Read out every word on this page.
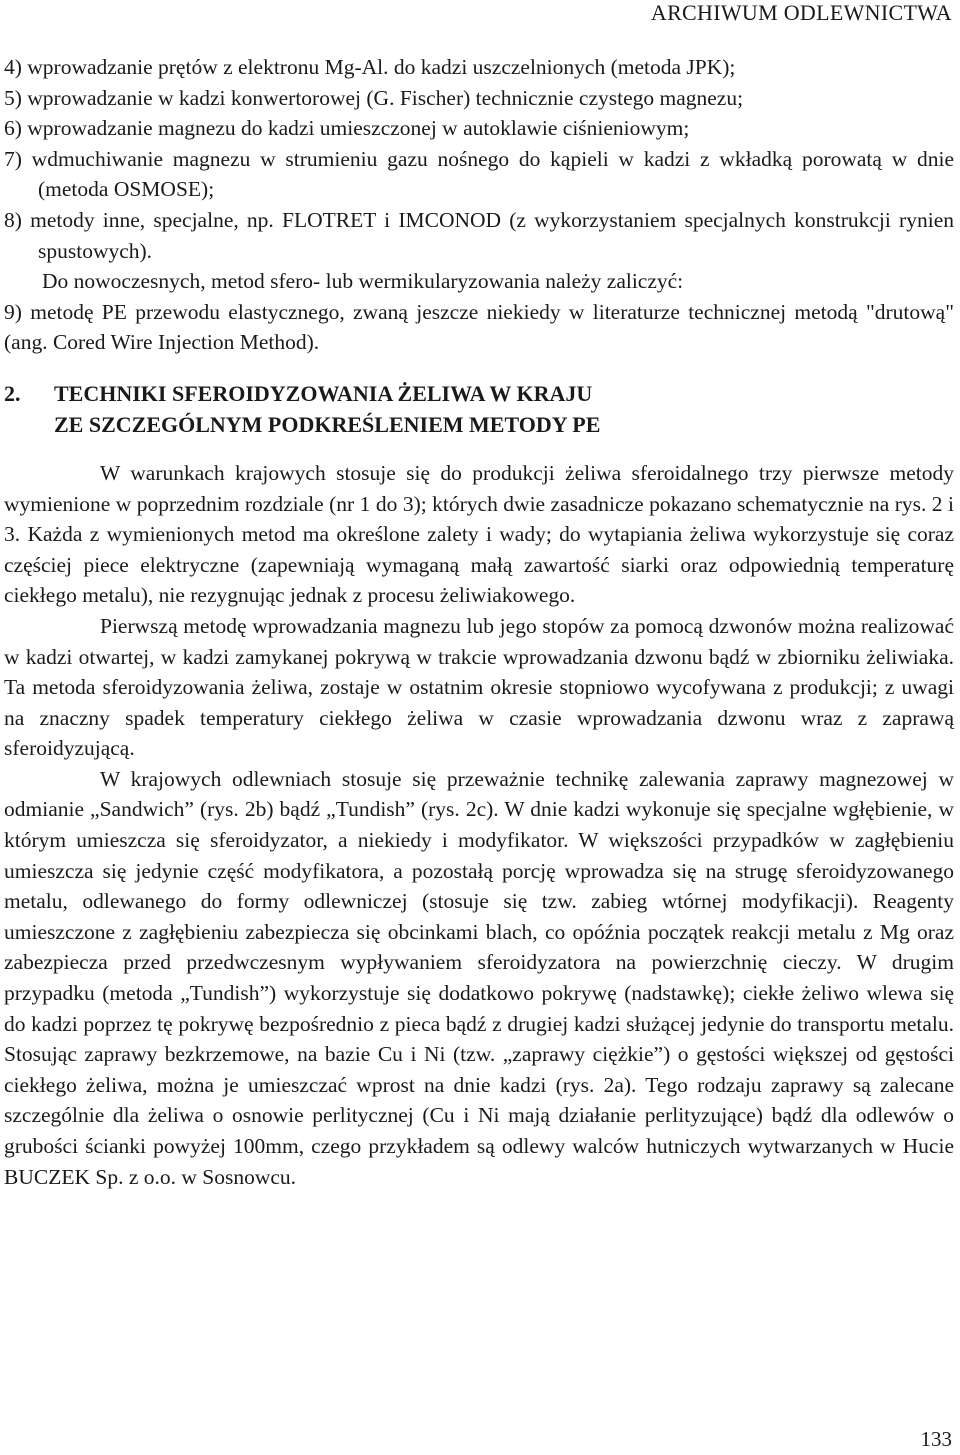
ARCHIWUM ODLEWNICTWA

4) wprowadzanie prętów z elektronu Mg-Al. do kadzi uszczelnionych (metoda JPK);

5) wprowadzanie w kadzi konwertorowej (G. Fischer) technicznie czystego magnezu;

6) wprowadzanie magnezu do kadzi umieszczonej w autoklawie ciśnieniowym;

7) wdmuchiwanie magnezu w strumieniu gazu nośnego do kąpieli w kadzi z wkładką porowatą w dnie (metoda OSMOSE);

8) metody inne, specjalne, np. FLOTRET i IMCONOD (z wykorzystaniem specjalnych konstrukcji rynien spustowych).

Do nowoczesnych, metod sfero- lub wermikularyzowania należy zaliczyć:

9) metodę PE przewodu elastycznego, zwaną jeszcze niekiedy w literaturze technicznej metodą "drutową" (ang. Cored Wire Injection Method).

2.	TECHNIKI SFEROIDYZOWANIA ŻELIWA W KRAJU
ZE SZCZEGÓLNYM PODKREŚLENIEM METODY PE

W warunkach krajowych stosuje się do produkcji żeliwa sferoidalnego trzy pierwsze metody wymienione w poprzednim rozdziale (nr 1 do 3); których dwie zasadnicze pokazano schematycznie na rys. 2 i 3. Każda z wymienionych metod ma określone zalety i wady; do wytapiania żeliwa wykorzystuje się coraz częściej piece elektryczne (zapewniają wymaganą małą zawartość siarki oraz odpowiednią temperaturę ciekłego metalu), nie rezygnując jednak z procesu żeliwiakowego.

Pierwszą metodę wprowadzania magnezu lub jego stopów za pomocą dzwonów można realizować w kadzi otwartej, w kadzi zamykanej pokrywą w trakcie wprowadzania dzwonu bądź w zbiorniku żeliwiaka. Ta metoda sferoidyzowania żeliwa, zostaje w ostatnim okresie stopniowo wycofywana z produkcji; z uwagi na znaczny spadek temperatury ciekłego żeliwa w czasie wprowadzania dzwonu wraz z zaprawą sferoidyzującą.

W krajowych odlewniach stosuje się przeważnie technikę zalewania zaprawy magnezowej w odmianie „Sandwich” (rys. 2b) bądź „Tundish” (rys. 2c). W dnie kadzi wykonuje się specjalne wgłębienie, w którym umieszcza się sferoidyzator, a niekiedy i modyfikator. W większości przypadków w zagłębieniu umieszcza się jedynie część modyfikatora, a pozostałą porcję wprowadza się na strugę sferoidyzowanego metalu, odlewanego do formy odlewniczej (stosuje się tzw. zabieg wtórnej modyfikacji). Reagenty umieszczone z zagłębieniu zabezpiecza się obcinkami blach, co opóźnia początek reakcji metalu z Mg oraz zabezpiecza przed przedwczesnym wypływaniem sferoidyzatora na powierzchnię cieczy. W drugim przypadku (metoda „Tundish”) wykorzystuje się dodatkowo pokrywę (nadstawkę); ciekłe żeliwo wlewa się do kadzi poprzez tę pokrywę bezpośrednio z pieca bądź z drugiej kadzi służącej jedynie do transportu metalu. Stosując zaprawy bezkrzemowe, na bazie Cu i Ni (tzw. „zaprawy ciężkie”) o gęstości większej od gęstości ciekłego żeliwa, można je umieszczać wprost na dnie kadzi (rys. 2a). Tego rodzaju zaprawy są zalecane szczególnie dla żeliwa o osnowie perlitycznej (Cu i Ni mają działanie perlityzujące) bądź dla odlewów o grubości ścianki powyżej 100mm, czego przykładem są odlewy walców hutniczych wytwarzanych w Hucie BUCZEK Sp. z o.o. w Sosnowcu.

133
